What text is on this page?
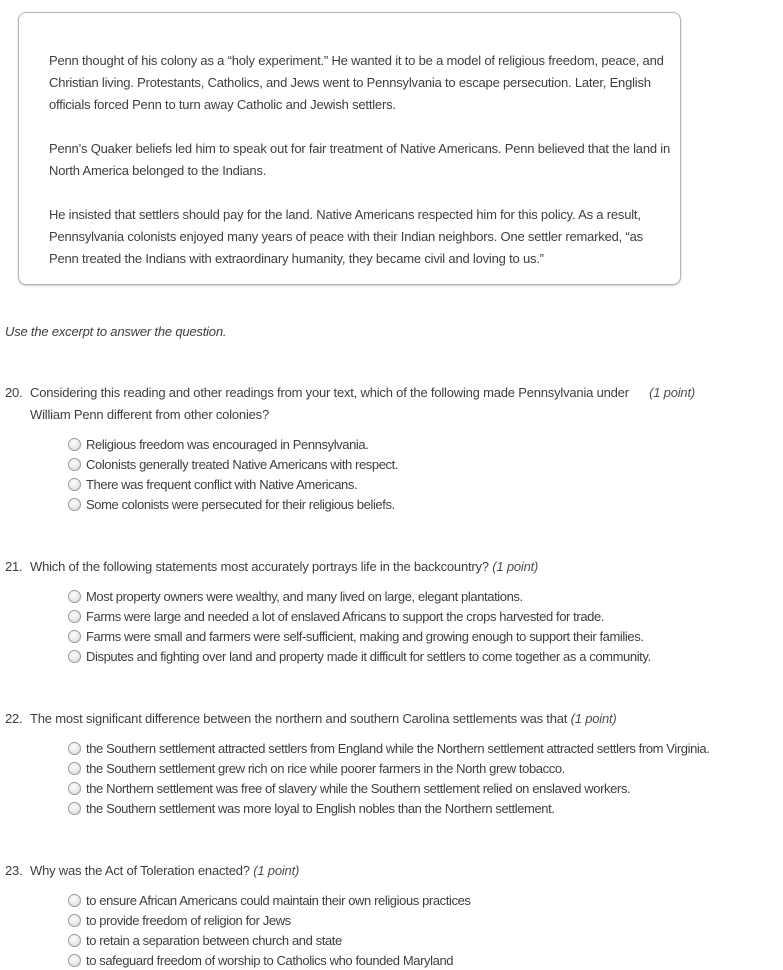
Penn thought of his colony as a “holy experiment.” He wanted it to be a model of religious freedom, peace, and Christian living. Protestants, Catholics, and Jews went to Pennsylvania to escape persecution. Later, English officials forced Penn to turn away Catholic and Jewish settlers.

Penn’s Quaker beliefs led him to speak out for fair treatment of Native Americans. Penn believed that the land in North America belonged to the Indians.

He insisted that settlers should pay for the land. Native Americans respected him for this policy. As a result, Pennsylvania colonists enjoyed many years of peace with their Indian neighbors. One settler remarked, “as Penn treated the Indians with extraordinary humanity, they became civil and loving to us.”

Use the excerpt to answer the question.
20. Considering this reading and other readings from your text, which of the following made Pennsylvania under William Penn different from other colonies?
(1 point)
Religious freedom was encouraged in Pennsylvania.
Colonists generally treated Native Americans with respect.
There was frequent conflict with Native Americans.
Some colonists were persecuted for their religious beliefs.
21. Which of the following statements most accurately portrays life in the backcountry? (1 point)
Most property owners were wealthy, and many lived on large, elegant plantations.
Farms were large and needed a lot of enslaved Africans to support the crops harvested for trade.
Farms were small and farmers were self-sufficient, making and growing enough to support their families.
Disputes and fighting over land and property made it difficult for settlers to come together as a community.
22. The most significant difference between the northern and southern Carolina settlements was that (1 point)
the Southern settlement attracted settlers from England while the Northern settlement attracted settlers from Virginia.
the Southern settlement grew rich on rice while poorer farmers in the North grew tobacco.
the Northern settlement was free of slavery while the Southern settlement relied on enslaved workers.
the Southern settlement was more loyal to English nobles than the Northern settlement.
23. Why was the Act of Toleration enacted? (1 point)
to ensure African Americans could maintain their own religious practices
to provide freedom of religion for Jews
to retain a separation between church and state
to safeguard freedom of worship to Catholics who founded Maryland
